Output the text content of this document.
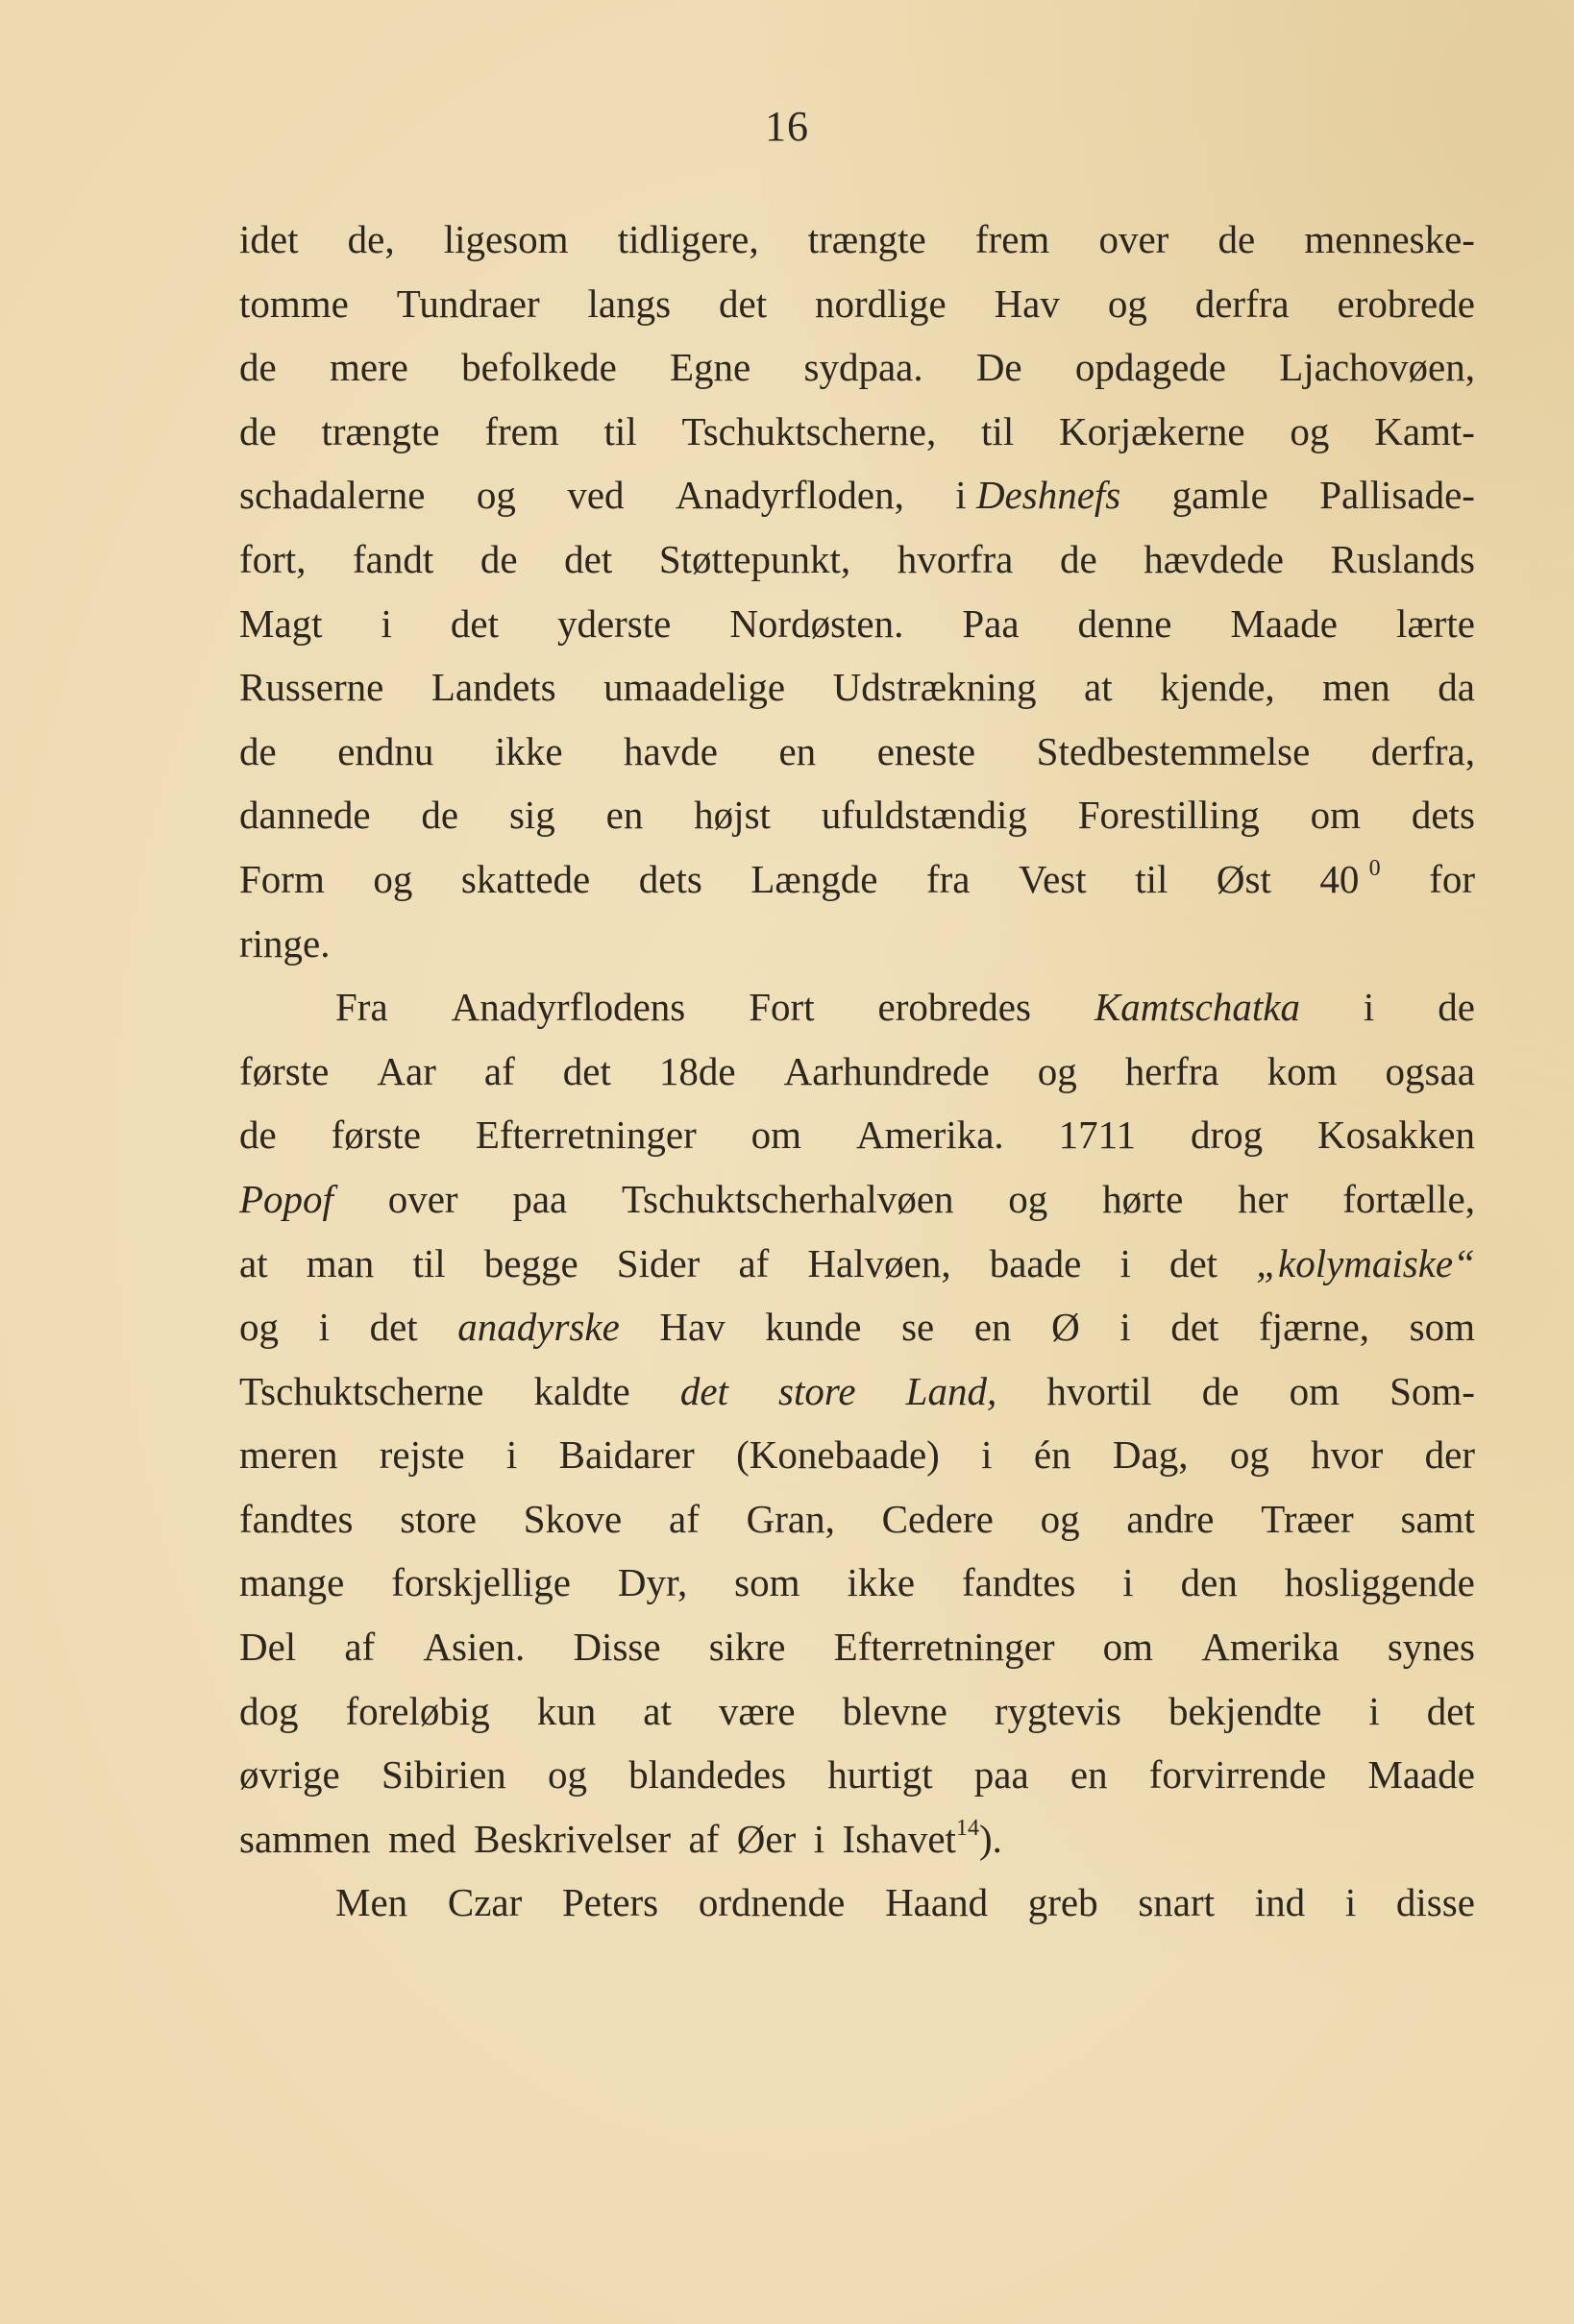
16
idet de, ligesom tidligere, trængte frem over de menneske-
tomme Tundraer langs det nordlige Hav og derfra erobrede
de mere befolkede Egne sydpaa. De opdagede Ljachovøen,
de trængte frem til Tschuktscherne, til Korjækerne og Kamt-
schadalerne og ved Anadyrfloden, i Deshnefs gamle Pallisade-
fort, fandt de det Støttepunkt, hvorfra de hævdede Ruslands
Magt i det yderste Nordøsten. Paa denne Maade lærte
Russerne Landets umaadelige Udstrækning at kjende, men da
de endnu ikke havde en eneste Stedbestemmelse derfra,
dannede de sig en højst ufuldstændig Forestilling om dets
Form og skattede dets Længde fra Vest til Øst 40 $^0$ for
ringe.
Fra Anadyrflodens Fort erobredes Kamtschatka i de
første Aar af det 18de Aarhundrede og herfra kom ogsaa
de første Efterretninger om Amerika. 1711 drog Kosakken
Popof over paa Tschuktscherhalvøen og hørte her fortælle,
at man til begge Sider af Halvøen, baade i det „kolymaiske“
og i det anadyrske Hav kunde se en Ø i det fjærne, som
Tschuktscherne kaldte det store Land, hvortil de om Som-
meren rejste i Baidarer (Konebaade) i én Dag, og hvor der
fandtes store Skove af Gran, Cedere og andre Træer samt
mange forskjellige Dyr, som ikke fandtes i den hosliggende
Del af Asien. Disse sikre Efterretninger om Amerika synes
dog foreløbig kun at være blevne rygtevis bekjendte i det
øvrige Sibirien og blandedes hurtigt paa en forvirrende Maade
sammen med Beskrivelser af Øer i Ishavet$^{14}$).
Men Czar Peters ordnende Haand greb snart ind i disse
